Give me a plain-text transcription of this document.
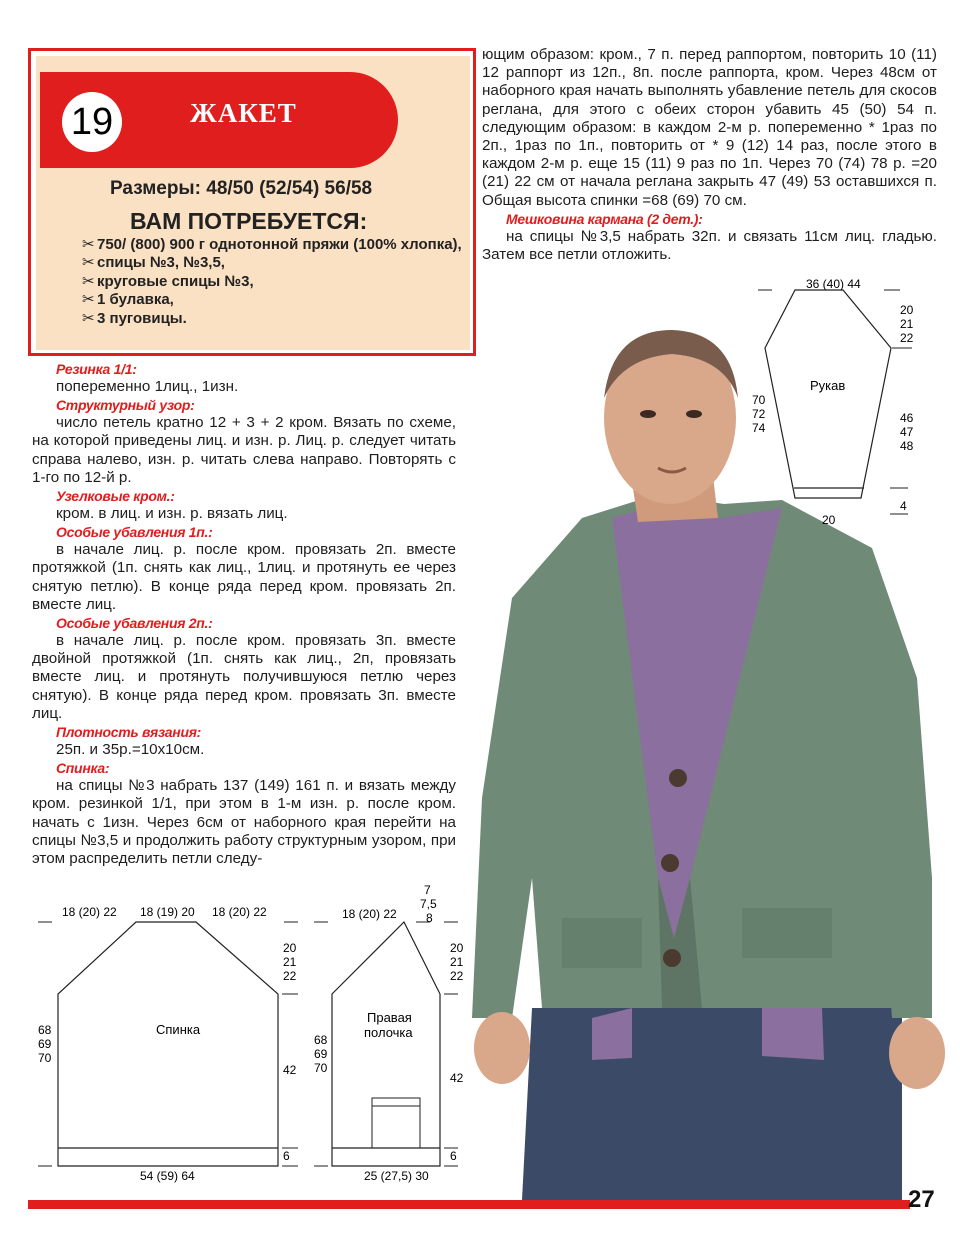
19	ЖАКЕТ
Размеры: 48/50 (52/54) 56/58
ВАМ ПОТРЕБУЕТСЯ:
✂ 750/ (800) 900 г однотонной пряжи (100% хлопка),
✂ спицы №3, №3,5,
✂ круговые спицы №3,
✂ 1 булавка,
✂ 3 пуговицы.
Резинка 1/1:
попеременно 1лиц., 1изн.
Структурный узор:
число петель кратно 12 + 3 + 2 кром. Вязать по схеме, на которой приведены лиц. и изн. р. Лиц. р. следует читать справа налево, изн. р. читать слева направо. Повторять с 1-го по 12-й р.
Узелковые кром.:
кром. в лиц. и изн. р. вязать лиц.
Особые убавления 1п.:
в начале лиц. р. после кром. провязать 2п. вместе протяжкой (1п. снять как лиц., 1лиц. и протянуть ее через снятую петлю). В конце ряда перед кром. провязать 2п. вместе лиц.
Особые убавления 2п.:
в начале лиц. р. после кром. провязать 3п. вместе двойной протяжкой (1п. снять как лиц., 2п, провязать вместе лиц. и протянуть получившуюся петлю через снятую). В конце ряда перед кром. провязать 3п. вместе лиц.
Плотность вязания:
25п. и 35р.=10х10см.
Спинка:
на спицы №3 набрать 137 (149) 161 п. и вязать между кром. резинкой 1/1, при этом в 1-м изн. р. после кром. начать с 1изн. Через 6см от наборного края перейти на спицы №3,5 и продолжить работу структурным узором, при этом распределить петли следу-
ющим образом: кром., 7 п. перед раппортом, повторить 10 (11) 12 раппорт из 12п., 8п. после раппорта, кром. Через 48см от наборного края начать выполнять убавление петель для скосов реглана, для этого с обеих сторон убавить 45 (50) 54 п. следующим образом: в каждом 2-м р. попеременно * 1раз по 2п., 1раз по 1п., повторить от * 9 (12) 14 раз, после этого в каждом 2-м р. еще 15 (11) 9 раз по 1п. Через 70 (74) 78 р. =20 (21) 22 см от начала реглана закрыть 47 (49) 53 оставшихся п. Общая высота спинки =68 (69) 70 см.
Мешковина кармана (2 дет.):
на спицы №3,5 набрать 32п. и связать 11см лиц. гладью. Затем все петли отложить.
36 (40) 44
Рукав
20
21
22
70
72
74
46
47
48
4
20
18 (20) 22 18 (19) 20 18 (20) 22
Спинка
20
21
22
68
69
70
42
6
54 (59) 64
18 (20) 22
7
7,5
8
Правая
полочка
20
21
22
68
69
70
42
6
25 (27,5) 30
27
